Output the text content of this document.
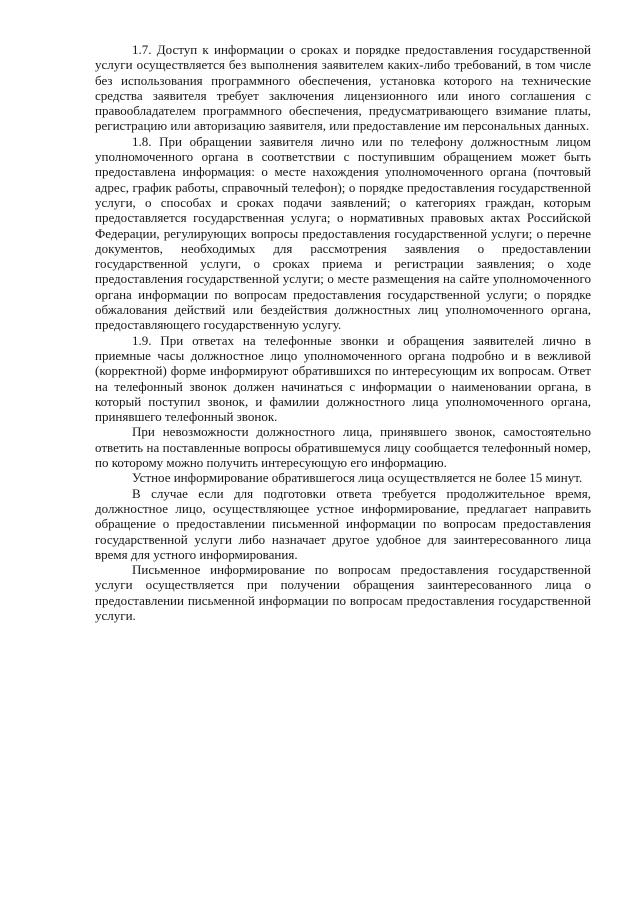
1.7. Доступ к информации о сроках и порядке предоставления государственной услуги осуществляется без выполнения заявителем каких-либо требований, в том числе без использования программного обеспечения, установка которого на технические средства заявителя требует заключения лицензионного или иного соглашения с правообладателем программного обеспечения, предусматривающего взимание платы, регистрацию или авторизацию заявителя, или предоставление им персональных данных.

1.8. При обращении заявителя лично или по телефону должностным лицом уполномоченного органа в соответствии с поступившим обращением может быть предоставлена информация: о месте нахождения уполномоченного органа (почтовый адрес, график работы, справочный телефон); о порядке предоставления государственной услуги, о способах и сроках подачи заявлений; о категориях граждан, которым предоставляется государственная услуга; о нормативных правовых актах Российской Федерации, регулирующих вопросы предоставления государственной услуги; о перечне документов, необходимых для рассмотрения заявления о предоставлении государственной услуги, о сроках приема и регистрации заявления; о ходе предоставления государственной услуги; о месте размещения на сайте уполномоченного органа информации по вопросам предоставления государственной услуги; о порядке обжалования действий или бездействия должностных лиц уполномоченного органа, предоставляющего государственную услугу.

1.9. При ответах на телефонные звонки и обращения заявителей лично в приемные часы должностное лицо уполномоченного органа подробно и в вежливой (корректной) форме информируют обратившихся по интересующим их вопросам. Ответ на телефонный звонок должен начинаться с информации о наименовании органа, в который поступил звонок, и фамилии должностного лица уполномоченного органа, принявшего телефонный звонок.

При невозможности должностного лица, принявшего звонок, самостоятельно ответить на поставленные вопросы обратившемуся лицу сообщается телефонный номер, по которому можно получить интересующую его информацию.

Устное информирование обратившегося лица осуществляется не более 15 минут.

В случае если для подготовки ответа требуется продолжительное время, должностное лицо, осуществляющее устное информирование, предлагает направить обращение о предоставлении письменной информации по вопросам предоставления государственной услуги либо назначает другое удобное для заинтересованного лица время для устного информирования.

Письменное информирование по вопросам предоставления государственной услуги осуществляется при получении обращения заинтересованного лица о предоставлении письменной информации по вопросам предоставления государственной услуги.
